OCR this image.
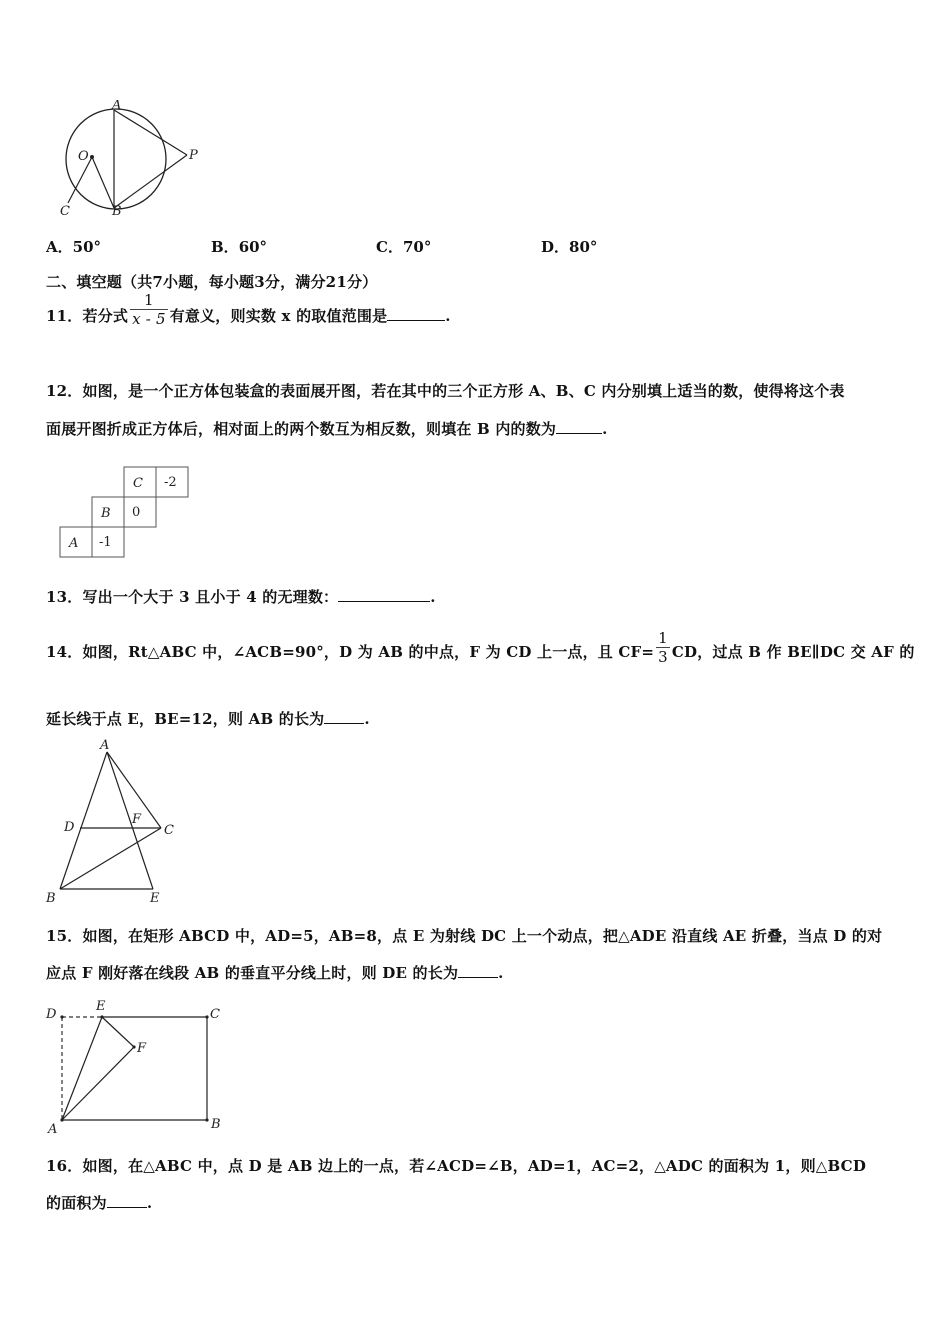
A
O	P
C	B
A．50°	B．60°	C．70°	D．80°
二、填空题（共7小题，每小题3分，满分21分）
11．若分式 $\frac{1}{x - 5}$ 有意义，则实数 x 的取值范围是	.
12．如图，是一个正方体包装盒的表面展开图，若在其中的三个正方形 A、B、C 内分别填上适当的数，使得将这个表
面展开图折成正方体后，相对面上的两个数互为相反数，则填在 B 内的数为	.
C -2
B 0
A -1
13．写出一个大于 3 且小于 4 的无理数：	.
14．如图，Rt△ABC 中，∠ACB=90°，D 为 AB 的中点，F 为 CD 上一点，且 $CF= \frac{1}{3}$ CD，过点 B 作 BE∥DC 交 AF 的
延长线于点 E，BE=12，则 AB 的长为	.
A
D
F
C
B	E
15．如图，在矩形 ABCD 中，AD=5，AB=8，点 E 为射线 DC 上一个动点，把△ADE 沿直线 AE 折叠，当点 D 的对
应点 F 刚好落在线段 AB 的垂直平分线上时，则 DE 的长为	.
D
E
C
F
A	B
16．如图，在△ABC 中，点 D 是 AB 边上的一点，若∠ACD=∠B，AD=1，AC=2，△ADC 的面积为 1，则△BCD
的面积为	.
